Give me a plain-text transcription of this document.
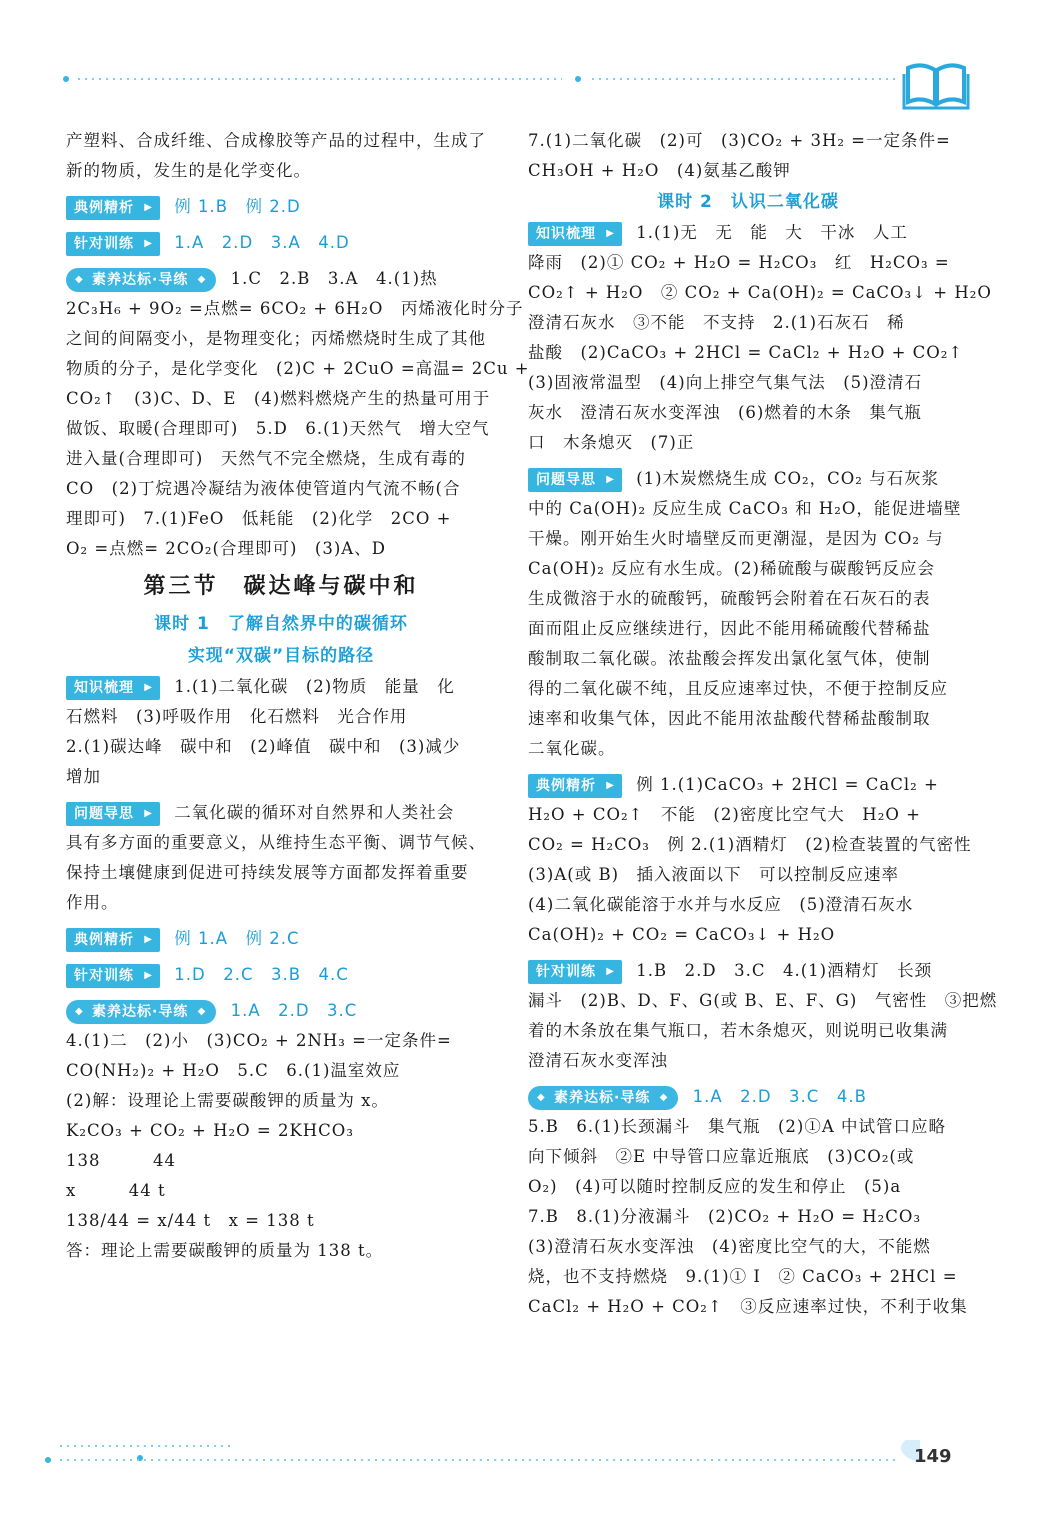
产塑料、合成纤维、合成橡胶等产品的过程中，生成了
新的物质，发生的是化学变化。
典例精析 ▶ 例 1.B　例 2.D
针对训练 ▶ 1.A　2.D　3.A　4.D
◆ 素养达标·导练 ◆	1.C　2.B　3.A　4.(1)热
2C₃H₆ + 9O₂ =点燃= 6CO₂ + 6H₂O　丙烯液化时分子
之间的间隔变小，是物理变化；丙烯燃烧时生成了其他
物质的分子，是化学变化　(2)C + 2CuO =高温= 2Cu +
CO₂↑　(3)C、D、E　(4)燃料燃烧产生的热量可用于
做饭、取暖(合理即可)　5.D　6.(1)天然气　增大空气
进入量(合理即可)　天然气不完全燃烧，生成有毒的
CO　(2)丁烷遇冷凝结为液体使管道内气流不畅(合
理即可)　7.(1)FeO　低耗能　(2)化学　2CO +
O₂ =点燃= 2CO₂(合理即可)　(3)A、D
第三节　碳达峰与碳中和
课时 1　了解自然界中的碳循环
实现“双碳”目标的路径
知识梳理 ▶ 1.(1)二氧化碳　(2)物质　能量　化
石燃料　(3)呼吸作用　化石燃料　光合作用
2.(1)碳达峰　碳中和　(2)峰值　碳中和　(3)减少
增加
问题导思 ▶ 二氧化碳的循环对自然界和人类社会
具有多方面的重要意义，从维持生态平衡、调节气候、
保持土壤健康到促进可持续发展等方面都发挥着重要
作用。
典例精析 ▶ 例 1.A　例 2.C
针对训练 ▶ 1.D　2.C　3.B　4.C
◆ 素养达标·导练 ◆	1.A　2.D　3.C
4.(1)二　(2)小　(3)CO₂ + 2NH₃ =一定条件=
CO(NH₂)₂ + H₂O　5.C　6.(1)温室效应
(2)解：设理论上需要碳酸钾的质量为 x。
K₂CO₃ + CO₂ + H₂O = 2KHCO₃
138　　　44
x　　　44 t
138/44 = x/44 t　x = 138 t
答：理论上需要碳酸钾的质量为 138 t。
7.(1)二氧化碳　(2)可　(3)CO₂ + 3H₂ =一定条件=
CH₃OH + H₂O　(4)氨基乙酸钾
课时 2　认识二氧化碳
知识梳理 ▶ 1.(1)无　无　能　大　干冰　人工
降雨　(2)① CO₂ + H₂O = H₂CO₃　红　H₂CO₃ =
CO₂↑ + H₂O　② CO₂ + Ca(OH)₂ = CaCO₃↓ + H₂O
澄清石灰水　③不能　不支持　2.(1)石灰石　稀
盐酸　(2)CaCO₃ + 2HCl = CaCl₂ + H₂O + CO₂↑
(3)固液常温型　(4)向上排空气集气法　(5)澄清石
灰水　澄清石灰水变浑浊　(6)燃着的木条　集气瓶
口　木条熄灭　(7)正
问题导思 ▶ (1)木炭燃烧生成 CO₂，CO₂ 与石灰浆
中的 Ca(OH)₂ 反应生成 CaCO₃ 和 H₂O，能促进墙壁
干燥。刚开始生火时墙壁反而更潮湿，是因为 CO₂ 与
Ca(OH)₂ 反应有水生成。(2)稀硫酸与碳酸钙反应会
生成微溶于水的硫酸钙，硫酸钙会附着在石灰石的表
面而阻止反应继续进行，因此不能用稀硫酸代替稀盐
酸制取二氧化碳。浓盐酸会挥发出氯化氢气体，使制
得的二氧化碳不纯，且反应速率过快，不便于控制反应
速率和收集气体，因此不能用浓盐酸代替稀盐酸制取
二氧化碳。
典例精析 ▶ 例 1.(1)CaCO₃ + 2HCl = CaCl₂ +
H₂O + CO₂↑　不能　(2)密度比空气大　H₂O +
CO₂ = H₂CO₃　例 2.(1)酒精灯　(2)检查装置的气密性
(3)A(或 B)　插入液面以下　可以控制反应速率
(4)二氧化碳能溶于水并与水反应　(5)澄清石灰水
Ca(OH)₂ + CO₂ = CaCO₃↓ + H₂O
针对训练 ▶ 1.B　2.D　3.C　4.(1)酒精灯　长颈
漏斗　(2)B、D、F、G(或 B、E、F、G)　气密性　③把燃
着的木条放在集气瓶口，若木条熄灭，则说明已收集满
澄清石灰水变浑浊
◆ 素养达标·导练 ◆	1.A　2.D　3.C　4.B
5.B　6.(1)长颈漏斗　集气瓶　(2)①A 中试管口应略
向下倾斜　②E 中导管口应靠近瓶底　(3)CO₂(或
O₂)　(4)可以随时控制反应的发生和停止　(5)a
7.B　8.(1)分液漏斗　(2)CO₂ + H₂O = H₂CO₃
(3)澄清石灰水变浑浊　(4)密度比空气的大，不能燃
烧，也不支持燃烧　9.(1)① Ⅰ　② CaCO₃ + 2HCl =
CaCl₂ + H₂O + CO₂↑　③反应速率过快，不利于收集
149
